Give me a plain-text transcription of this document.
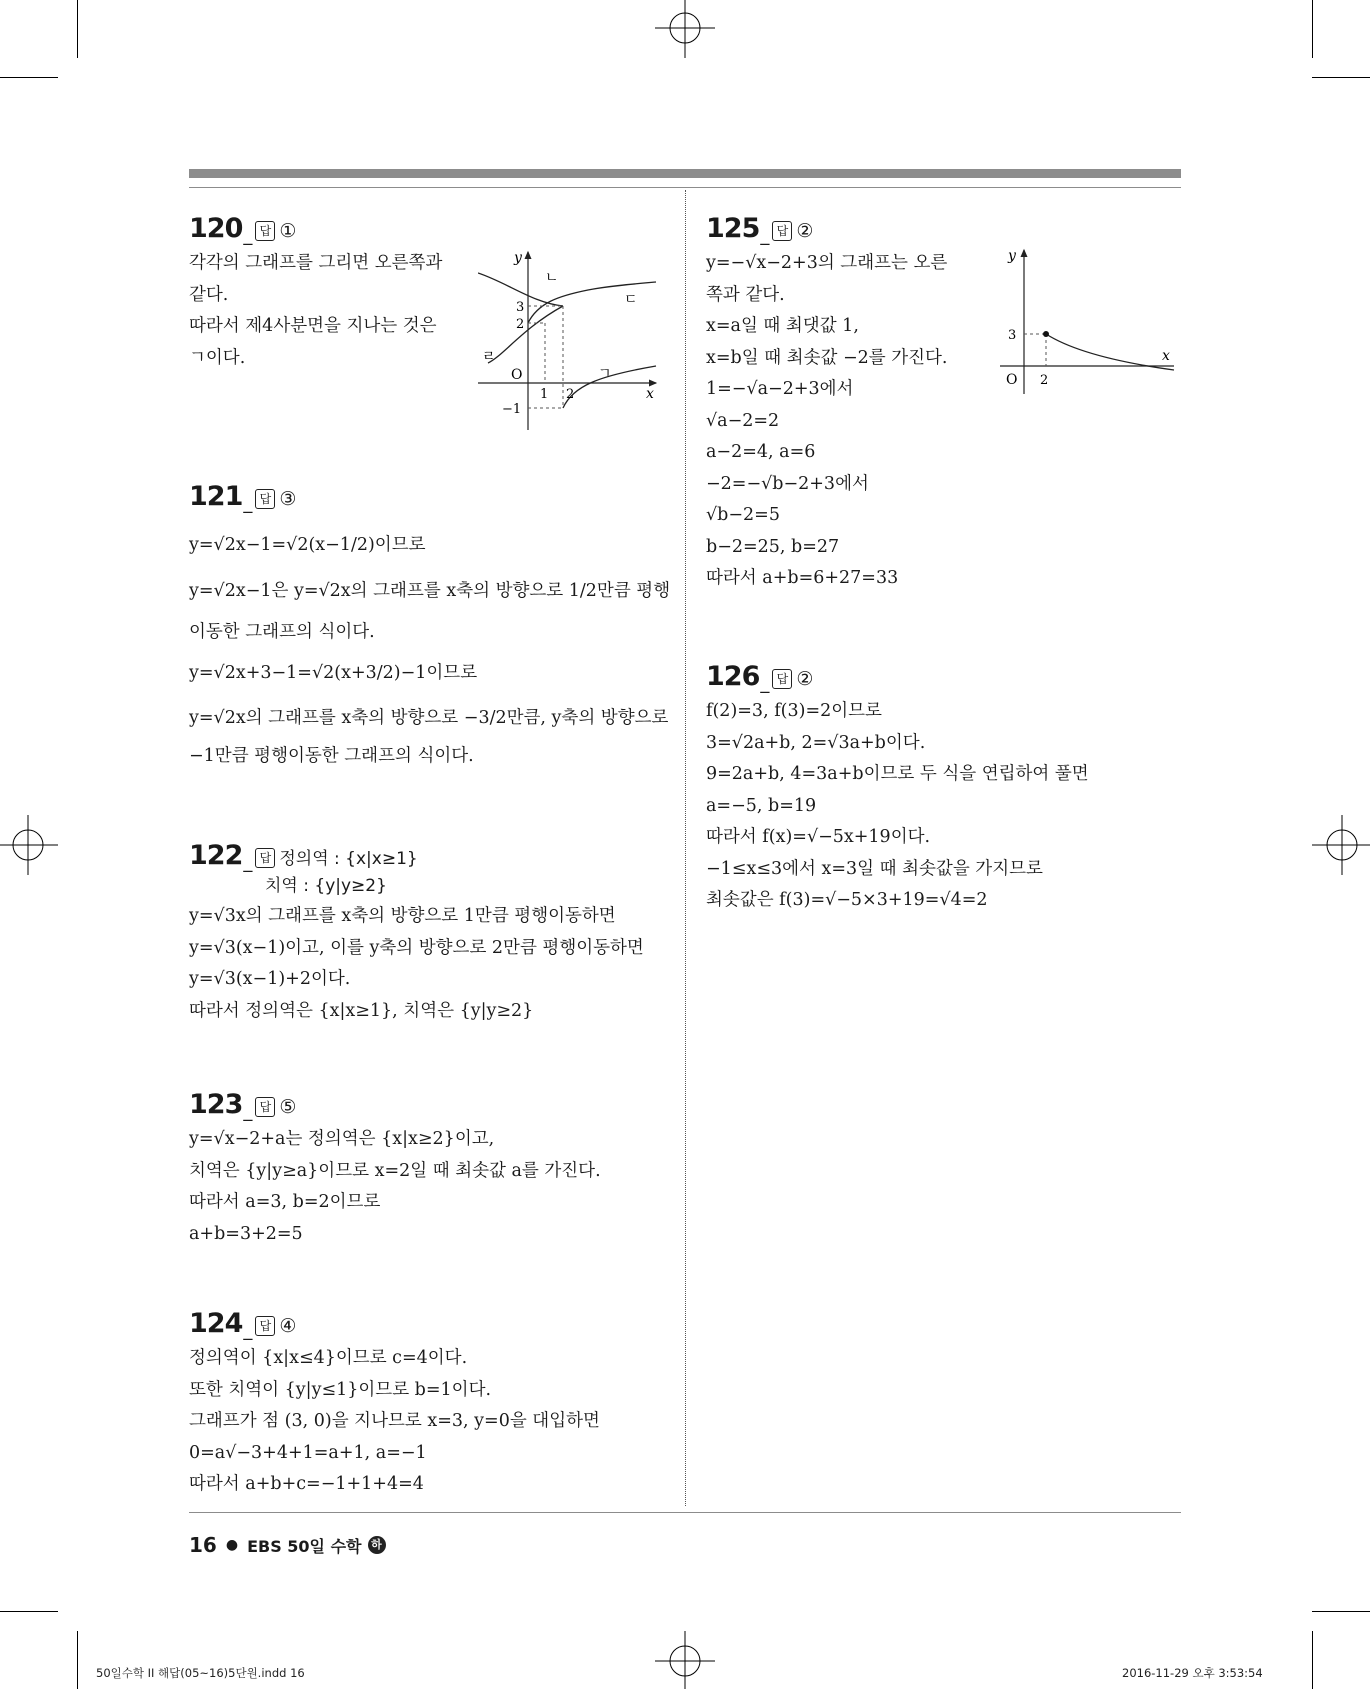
120 _ 답 ①
각각의 그래프를 그리면 오른쪽과
같다.
따라서 제4사분면을 지나는 것은
ㄱ이다.
121 _ 답 ③
y=√2x−1=√2(x−1/2)이므로
y=√2x−1은 y=√2x의 그래프를 x축의 방향으로 1/2만큼 평행
이동한 그래프의 식이다.
y=√2x+3−1=√2(x+3/2)−1이므로
y=√2x의 그래프를 x축의 방향으로 −3/2만큼, y축의 방향으로
−1만큼 평행이동한 그래프의 식이다.
122 _ 답 정의역 : {x|x≥1}
치역 : {y|y≥2}
y=√3x의 그래프를 x축의 방향으로 1만큼 평행이동하면
y=√3(x−1)이고, 이를 y축의 방향으로 2만큼 평행이동하면
y=√3(x−1)+2이다.
따라서 정의역은 {x|x≥1}, 치역은 {y|y≥2}
123 _ 답 ⑤
y=√x−2+a는 정의역은 {x|x≥2}이고,
치역은 {y|y≥a}이므로 x=2일 때 최솟값 a를 가진다.
따라서 a=3, b=2이므로
a+b=3+2=5
124 _ 답 ④
정의역이 {x|x≤4}이므로 c=4이다.
또한 치역이 {y|y≤1}이므로 b=1이다.
그래프가 점 (3, 0)을 지나므로 x=3, y=0을 대입하면
0=a√−3+4+1=a+1, a=−1
따라서 a+b+c=−1+1+4=4
y
x
O
3
2
−1
1 2
ㄱ
ㄴ
ㄷ
ㄹ
125 _ 답 ②
y=−√x−2+3의 그래프는 오른
쪽과 같다.
x=a일 때 최댓값 1,
x=b일 때 최솟값 −2를 가진다.
1=−√a−2+3에서
√a−2=2
a−2=4, a=6
−2=−√b−2+3에서
√b−2=5
b−2=25, b=27
따라서 a+b=6+27=33
126 _ 답 ②
f(2)=3, f(3)=2이므로
3=√2a+b, 2=√3a+b이다.
9=2a+b, 4=3a+b이므로 두 식을 연립하여 풀면
a=−5, b=19
따라서 f(x)=√−5x+19이다.
−1≤x≤3에서 x=3일 때 최솟값을 가지므로
최솟값은 f(3)=√−5×3+19=√4=2
y
x
O
3
2
16 ● EBS 50일 수학 하
50일수학 II 해답(05~16)5단원.indd 16	2016-11-29 오후 3:53:54
